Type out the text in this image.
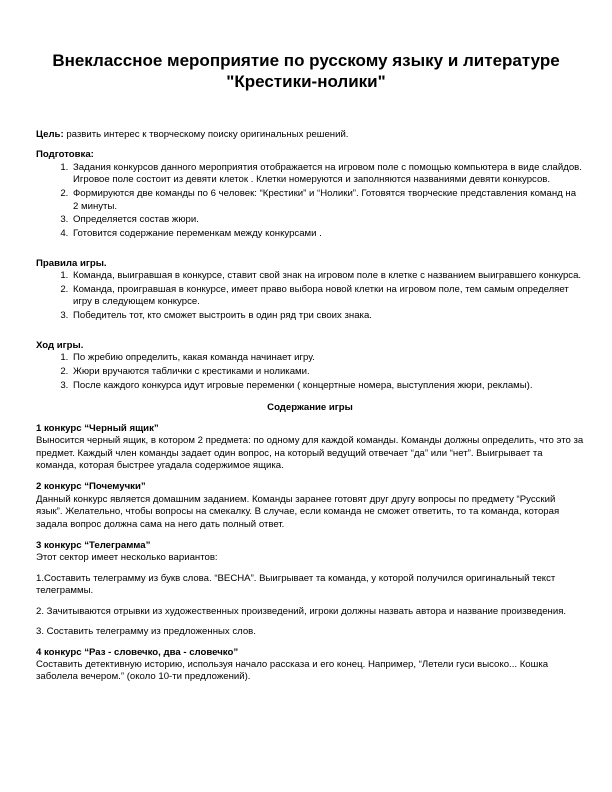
Внеклассное мероприятие по русскому языку и литературе "Крестики-нолики"

Цель: развить интерес к творческому поиску оригинальных решений.

Подготовка:

1. Задания конкурсов данного мероприятия отображается на игровом поле с помощью компьютера в виде слайдов. Игровое поле состоит из девяти клеток . Клетки номеруются и заполняются названиями девяти конкурсов.
2. Формируются две команды по 6 человек: “Крестики” и “Нолики”. Готовятся творческие представления команд на 2 минуты.
3. Определяется состав жюри.
4. Готовится содержание переменкам между конкурсами .

Правила игры.

1. Команда, выигравшая в конкурсе, ставит свой знак на игровом поле в клетке с названием выигравшего конкурса.
2. Команда, проигравшая в конкурсе, имеет право выбора новой клетки на игровом поле, тем самым определяет игру в следующем конкурсе.
3. Победитель тот, кто сможет выстроить в один ряд три своих знака.

Ход игры.

1. По жребию определить, какая команда начинает игру.
2. Жюри вручаются таблички с крестиками и ноликами.
3. После каждого конкурса идут игровые переменки ( концертные номера, выступления жюри, рекламы).

Содержание игры

1 конкурс “Черный ящик”

Выносится черный ящик, в котором 2 предмета: по одному для каждой команды. Команды должны определить, что это за предмет. Каждый член команды задает один вопрос, на который ведущий отвечает “да” или “нет”. Выигрывает та команда, которая быстрее угадала содержимое ящика.

2 конкурс “Почемучки”

Данный конкурс является домашним заданием. Команды заранее готовят друг другу вопросы по предмету “Русский язык”. Желательно, чтобы вопросы на смекалку. В случае, если команда не сможет ответить, то та команда, которая задала вопрос должна сама на него дать полный ответ.

3 конкурс “Телеграмма”

Этот сектор имеет несколько вариантов:

1.Составить телеграмму из букв слова. “ВЕСНА”. Выигрывает та команда, у которой получился оригинальный текст телеграммы.

2. Зачитываются отрывки из художественных произведений, игроки должны назвать автора и название произведения.

3. Составить телеграмму из предложенных слов.

4 конкурс “Раз - словечко, два - словечко”

Составить детективную историю, используя начало рассказа и его конец. Например, “Летели гуси высоко... Кошка заболела вечером.” (около 10-ти предложений).
